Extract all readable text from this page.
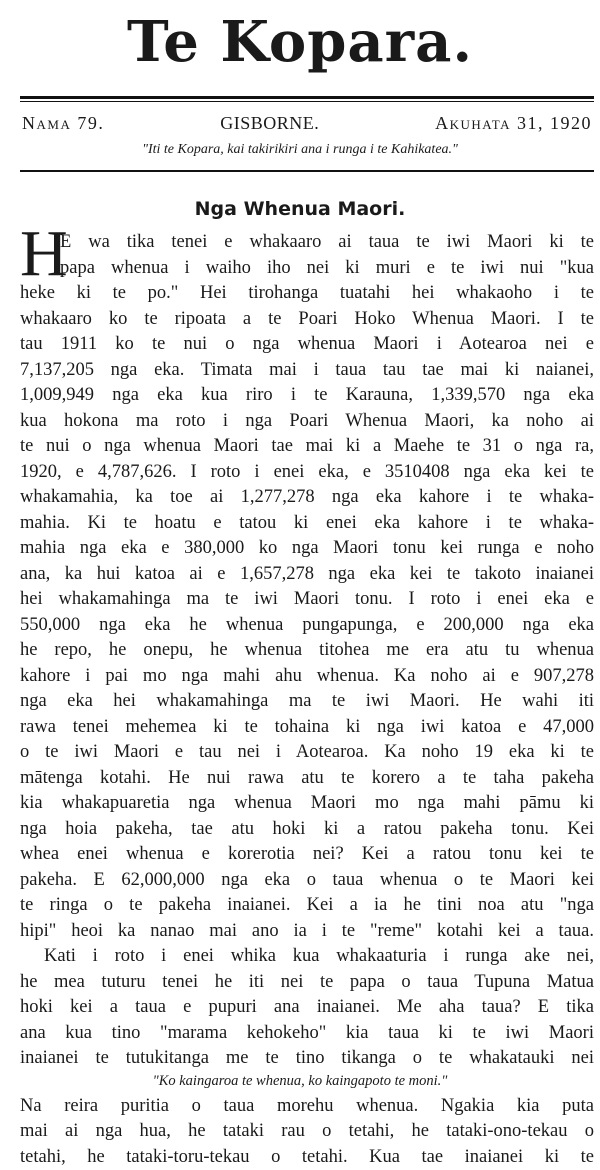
Te Kopara.
Nama 79.	GISBORNE.	Akuhata 31, 1920
"Iti te Kopara, kai takirikiri ana i runga i te Kahikatea."
Nga Whenua Maori.
H
E wa tika tenei e whakaaro ai taua te iwi Maori ki te
papa whenua i waiho iho nei ki muri e te iwi nui "kua
heke ki te po." Hei tirohanga tuatahi hei whakaoho i te
whakaaro ko te ripoata a te Poari Hoko Whenua Maori. I te
tau 1911 ko te nui o nga whenua Maori i Aotearoa nei e
7,137,205 nga eka. Timata mai i taua tau tae mai ki naianei,
1,009,949 nga eka kua riro i te Karauna, 1,339,570 nga eka
kua hokona ma roto i nga Poari Whenua Maori, ka noho ai
te nui o nga whenua Maori tae mai ki a Maehe te 31 o nga ra,
1920, e 4,787,626. I roto i enei eka, e 3510408 nga eka kei te
whakamahia, ka toe ai 1,277,278 nga eka kahore i te whaka-
mahia. Ki te hoatu e tatou ki enei eka kahore i te whaka-
mahia nga eka e 380,000 ko nga Maori tonu kei runga e noho
ana, ka hui katoa ai e 1,657,278 nga eka kei te takoto inaianei
hei whakamahinga ma te iwi Maori tonu. I roto i enei eka e
550,000 nga eka he whenua pungapunga, e 200,000 nga eka
he repo, he onepu, he whenua titohea me era atu tu whenua
kahore i pai mo nga mahi ahu whenua. Ka noho ai e 907,278
nga eka hei whakamahinga ma te iwi Maori. He wahi iti
rawa tenei mehemea ki te tohaina ki nga iwi katoa e 47,000
o te iwi Maori e tau nei i Aotearoa. Ka noho 19 eka ki te
mātenga kotahi. He nui rawa atu te korero a te taha pakeha
kia whakapuaretia nga whenua Maori mo nga mahi pāmu ki
nga hoia pakeha, tae atu hoki ki a ratou pakeha tonu. Kei
whea enei whenua e korerotia nei? Kei a ratou tonu kei te
pakeha. E 62,000,000 nga eka o taua whenua o te Maori kei
te ringa o te pakeha inaianei. Kei a ia he tini noa atu "nga
hipi" heoi ka nanao mai ano ia i te "reme" kotahi kei a taua.
Kati i roto i enei whika kua whakaaturia i runga ake nei,
he mea tuturu tenei he iti nei te papa o taua Tupuna Matua
hoki kei a taua e pupuri ana inaianei. Me aha taua? E tika
ana kua tino "marama kehokeho" kia taua ki te iwi Maori
inaianei te tutukitanga me te tino tikanga o te whakatauki nei
"Ko kaingaroa te whenua, ko kaingapoto te moni."
Na reira puritia o taua morehu whenua. Ngakia kia puta
mai ai nga hua, he tataki rau o tetahi, he tataki-ono-tekau o
tetahi, he tataki-toru-tekau o tetahi. Kua tae inaianei ki te
